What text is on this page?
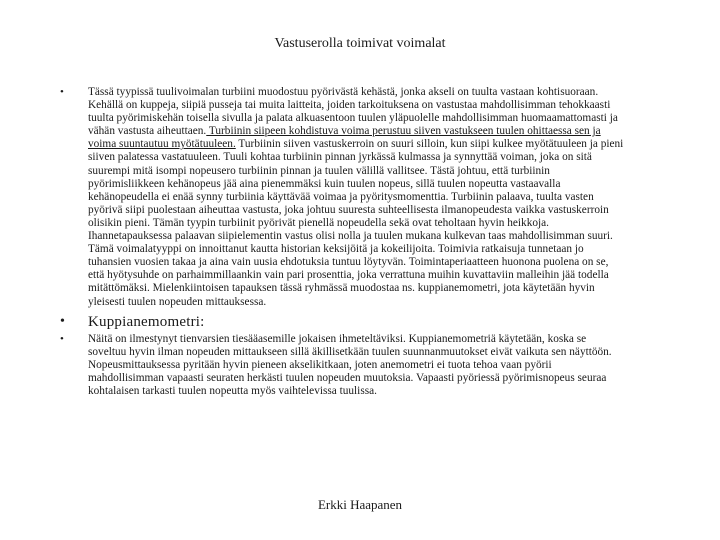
Vastuserolla toimivat voimalat
•	Tässä tyypissä tuulivoimalan turbiini muodostuu pyörivästä kehästä, jonka akseli on tuulta vastaan kohtisuoraan.
Kehällä on kuppeja, siipiä pusseja tai muita laitteita, joiden tarkoituksena on vastustaa mahdollisimman tehokkaasti
tuulta pyörimiskehän toisella sivulla ja palata alkuasentoon tuulen yläpuolelle mahdollisimman huomaamattomasti ja
vähän vastusta aiheuttaen. Turbiinin siipeen kohdistuva voima perustuu siiven vastukseen tuulen ohittaessa sen ja
voima suuntautuu myötätuuleen. Turbiinin siiven vastuskerroin on suuri silloin, kun siipi kulkee myötätuuleen ja pieni
siiven palatessa vastatuuleen. Tuuli kohtaa turbiinin pinnan jyrkässä kulmassa ja synnyttää voiman, joka on sitä
suurempi mitä isompi nopeusero turbiinin pinnan ja tuulen välillä vallitsee. Tästä johtuu, että turbiinin
pyörimisliikkeen kehänopeus jää aina pienemmäksi kuin tuulen nopeus, sillä tuulen nopeutta vastaavalla
kehänopeudella ei enää synny turbiinia käyttävää voimaa ja pyöritysmomenttia. Turbiinin palaava, tuulta vasten
pyörivä siipi puolestaan aiheuttaa vastusta, joka johtuu suuresta suhteellisesta ilmanopeudesta vaikka vastuskerroin
olisikin pieni. Tämän tyypin turbiinit pyörivät pienellä nopeudella sekä ovat teholtaan hyvin heikkoja.
Ihannetapauksessa palaavan siipielementin vastus olisi nolla ja tuulen mukana kulkevan taas mahdollisimman suuri.
Tämä voimalatyyppi on innoittanut kautta historian keksijöitä ja kokeilijoita. Toimivia ratkaisuja tunnetaan jo
tuhansien vuosien takaa ja aina vain uusia ehdotuksia tuntuu löytyvän. Toimintaperiaatteen huonona puolena on se,
että hyötysuhde on parhaimmillaankin vain pari prosenttia, joka verrattuna muihin kuvattaviin malleihin jää todella
mitättömäksi. Mielenkiintoisen tapauksen tässä ryhmässä muodostaa ns. kuppianemometri, jota käytetään hyvin
yleisesti tuulen nopeuden mittauksessa.

•	Kuppianemometri:
•	Näitä on ilmestynyt tienvarsien tiesääasemille jokaisen ihmeteltäviksi. Kuppianemometriä käytetään, koska se
soveltuu hyvin ilman nopeuden mittaukseen sillä äkillisetkään tuulen suunnanmuutokset eivät vaikuta sen näyttöön.
Nopeusmittauksessa pyritään hyvin pieneen akselikitkaan, joten anemometri ei tuota tehoa vaan pyörii
mahdollisimman vapaasti seuraten herkästi tuulen nopeuden muutoksia. Vapaasti pyöriessä pyörimisnopeus seuraa
kohtalaisen tarkasti tuulen nopeutta myös vaihtelevissa tuulissa.

Erkki Haapanen
